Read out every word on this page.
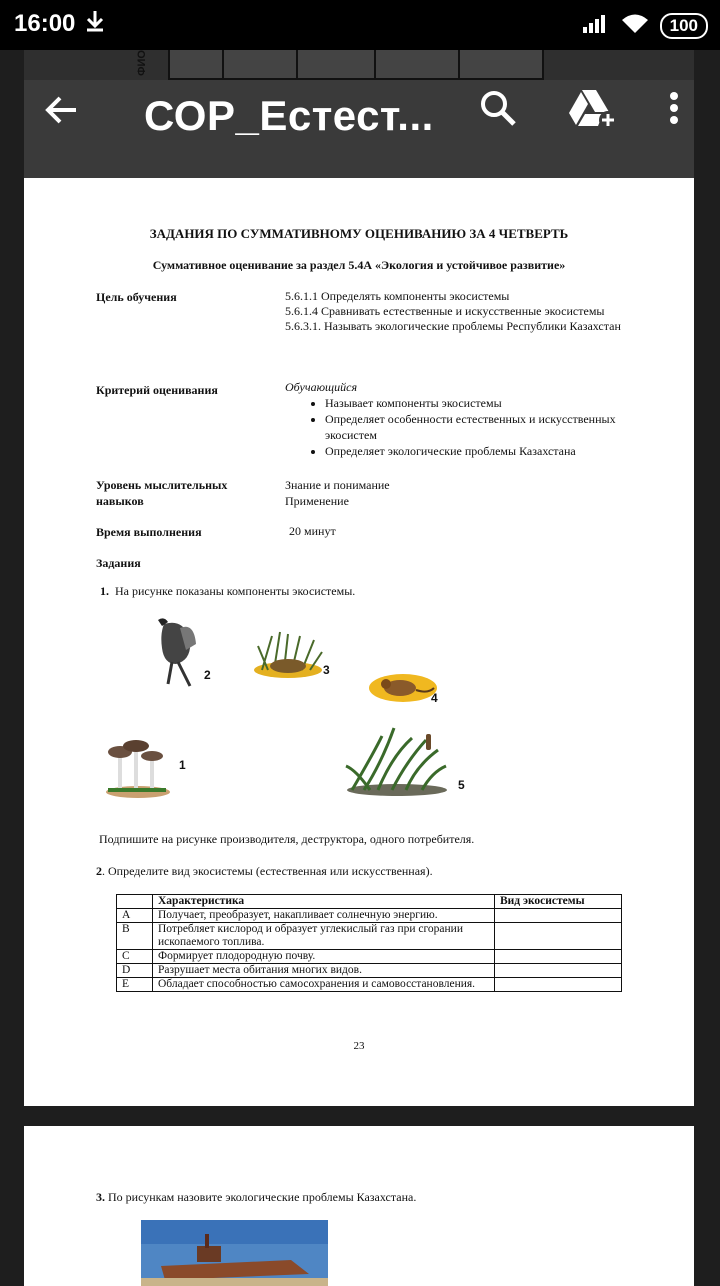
16:00	100
ФИО
СОР_Естест...
ЗАДАНИЯ ПО СУММАТИВНОМУ ОЦЕНИВАНИЮ ЗА 4 ЧЕТВЕРТЬ
Суммативное оценивание за раздел 5.4А «Экология и устойчивое развитие»
Цель обучения	5.6.1.1 Определять компоненты экосистемы
5.6.1.4 Сравнивать естественные и искусственные экосистемы
5.6.3.1. Называть экологические проблемы Республики Казахстан
Критерий оценивания	Обучающийся
• Называет компоненты экосистемы
• Определяет особенности естественных и искусственных экосистем
• Определяет экологические проблемы Казахстана
Уровень мыслительных навыков
Знание и понимание
Применение
Время выполнения	20 минут
Задания
1. На рисунке показаны компоненты экосистемы.
2	3
4
1
5
Подпишите на рисунке производителя, деструктора, одного потребителя.
2. Определите вид экосистемы (естественная или искусственная).
	Характеристика	Вид экосистемы
A	Получает, преобразует, накапливает солнечную энергию.	
B	Потребляет кислород и образует углекислый газ при сгорании ископаемого топлива.	
C	Формирует плодородную почву.	
D	Разрушает места обитания многих видов.	
E	Обладает способностью самосохранения и самовосстановления.	
23
3. По рисункам назовите экологические проблемы Казахстана.
